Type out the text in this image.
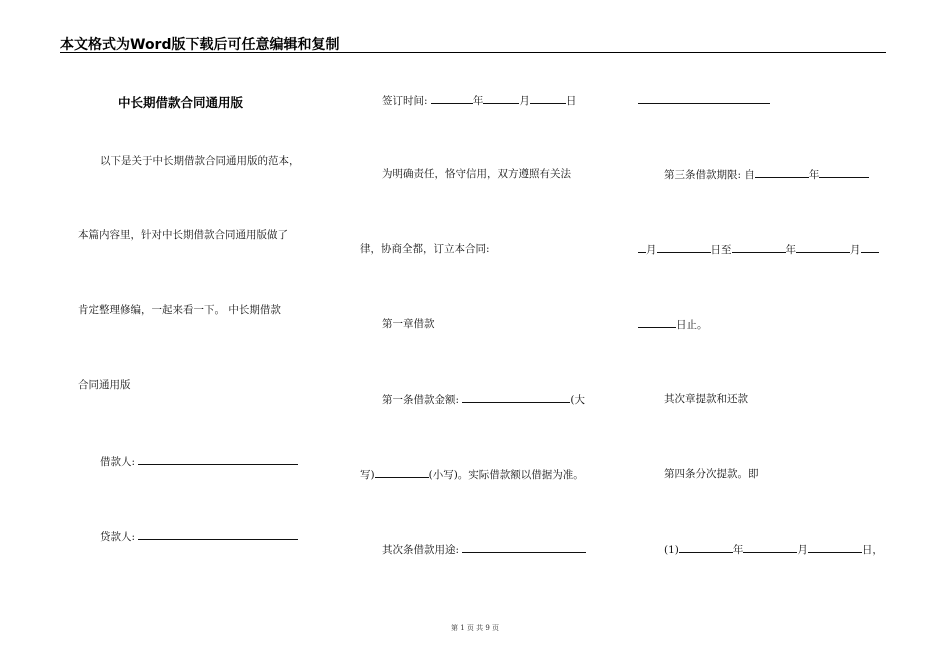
本文格式为Word版下载后可任意编辑和复制
中长期借款合同通用版
以下是关于中长期借款合同通用版的范本，
本篇内容里，针对中长期借款合同通用版做了
肯定整理修编，一起来看一下。 中长期借款
合同通用版
借款人:
贷款人:
签订时间:	年	月	日
为明确责任，恪守信用，双方遵照有关法
律，协商全都，订立本合同:
第一章借款
第一条借款金额:	(大
写)	(小写)。实际借款额以借据为准。
其次条借款用途:
第三条借款期限: 自	年
月	日至	年	月
日止。
其次章提款和还款
第四条分次提款。即
(1)	年	月	日，
第 1 页 共 9 页
